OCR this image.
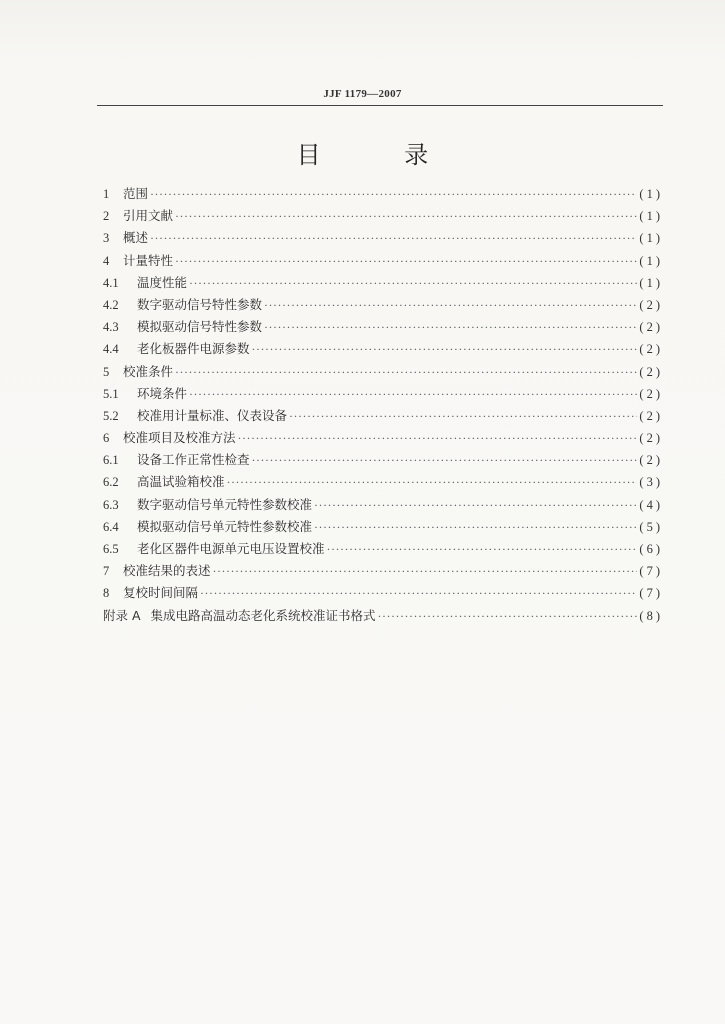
JJF 1179—2007
目 录
1	范围 ·····	(1)
2	引用文献 ·····	(1)
3	概述 ·····	(1)
4	计量特性 ·····	(1)
4.1	温度性能 ·····	(1)
4.2	数字驱动信号特性参数 ·····	(2)
4.3	模拟驱动信号特性参数 ·····	(2)
4.4	老化板器件电源参数 ·····	(2)
5	校准条件 ·····	(2)
5.1	环境条件 ·····	(2)
5.2	校准用计量标准、仪表设备 ·····	(2)
6	校准项目及校准方法 ·····	(2)
6.1	设备工作正常性检查 ·····	(2)
6.2	高温试验箱校准 ·····	(3)
6.3	数字驱动信号单元特性参数校准 ·····	(4)
6.4	模拟驱动信号单元特性参数校准 ·····	(5)
6.5	老化区器件电源单元电压设置校准 ·····	(6)
7	校准结果的表述 ·····	(7)
8	复校时间间隔 ·····	(7)
附录 A 集成电路高温动态老化系统校准证书格式 ·····	(8)
